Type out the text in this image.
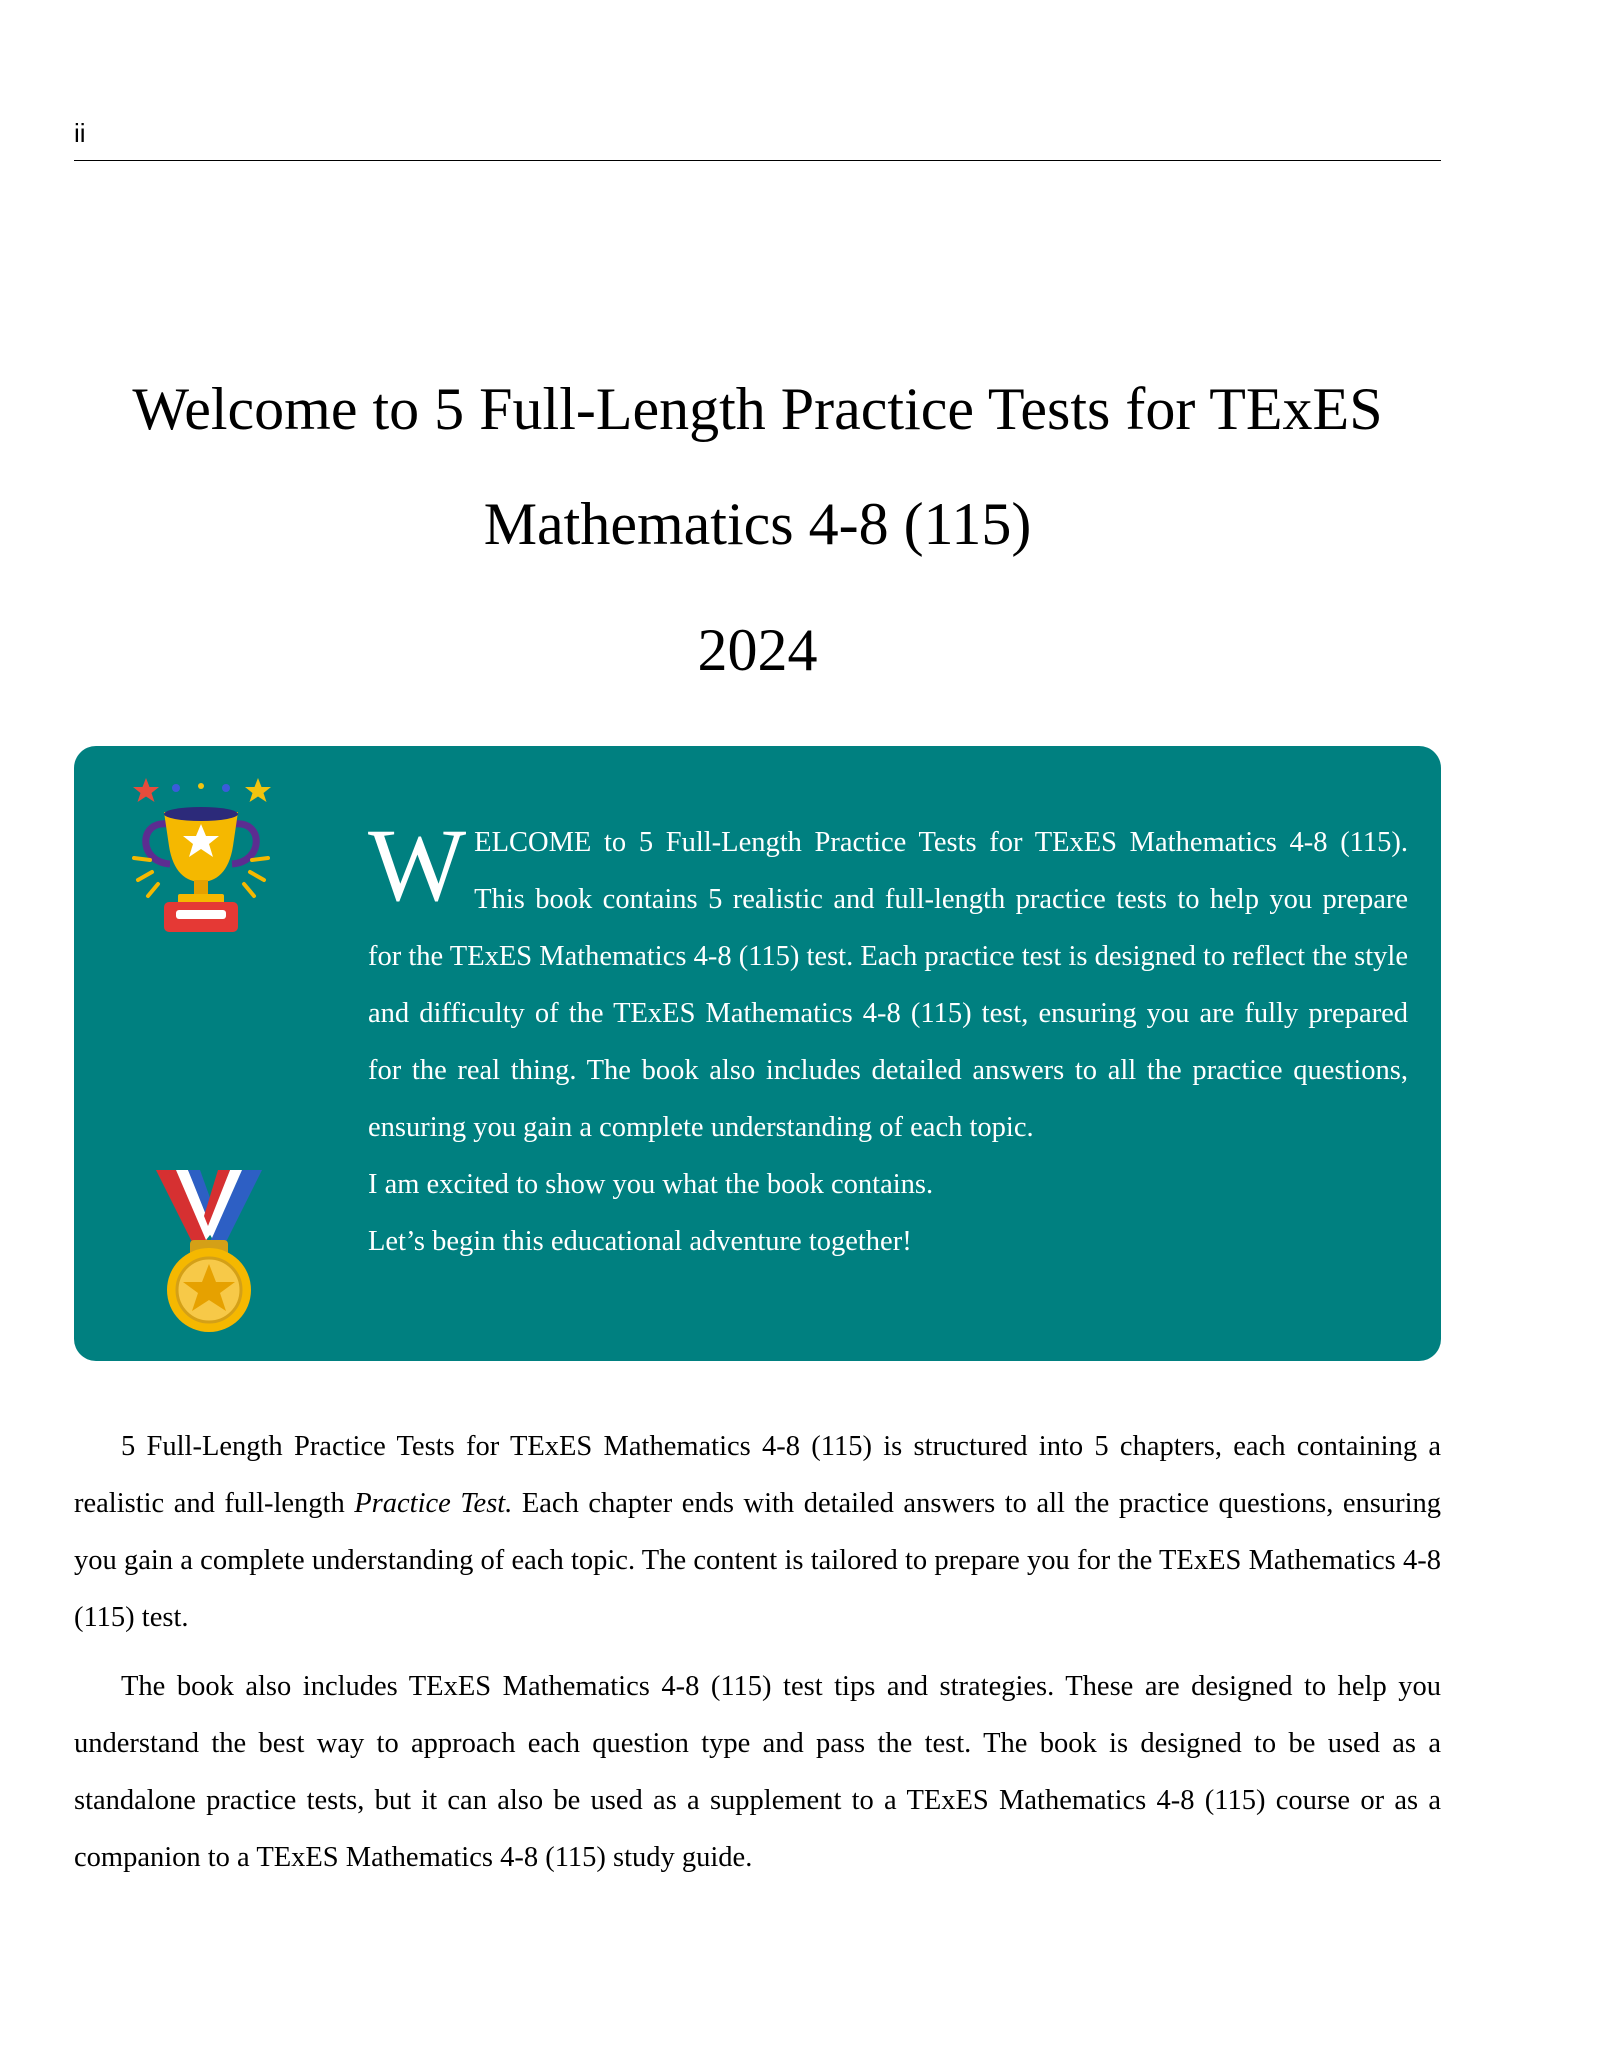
ii
Welcome to 5 Full-Length Practice Tests for TExES Mathematics 4-8 (115)
2024

WELCOME to 5 Full-Length Practice Tests for TExES Mathematics 4-8 (115). This book contains 5 realistic and full-length practice tests to help you prepare for the TExES Mathematics 4-8 (115) test. Each practice test is designed to reflect the style and difficulty of the TExES Mathematics 4-8 (115) test, ensuring you are fully prepared for the real thing. The book also includes detailed answers to all the practice questions, ensuring you gain a complete understanding of each topic.

I am excited to show you what the book contains.

Let’s begin this educational adventure together!

5 Full-Length Practice Tests for TExES Mathematics 4-8 (115) is structured into 5 chapters, each containing a realistic and full-length Practice Test. Each chapter ends with detailed answers to all the practice questions, ensuring you gain a complete understanding of each topic. The content is tailored to prepare you for the TExES Mathematics 4-8 (115) test.

The book also includes TExES Mathematics 4-8 (115) test tips and strategies. These are designed to help you understand the best way to approach each question type and pass the test. The book is designed to be used as a standalone practice tests, but it can also be used as a supplement to a TExES Mathematics 4-8 (115) course or as a companion to a TExES Mathematics 4-8 (115) study guide.
